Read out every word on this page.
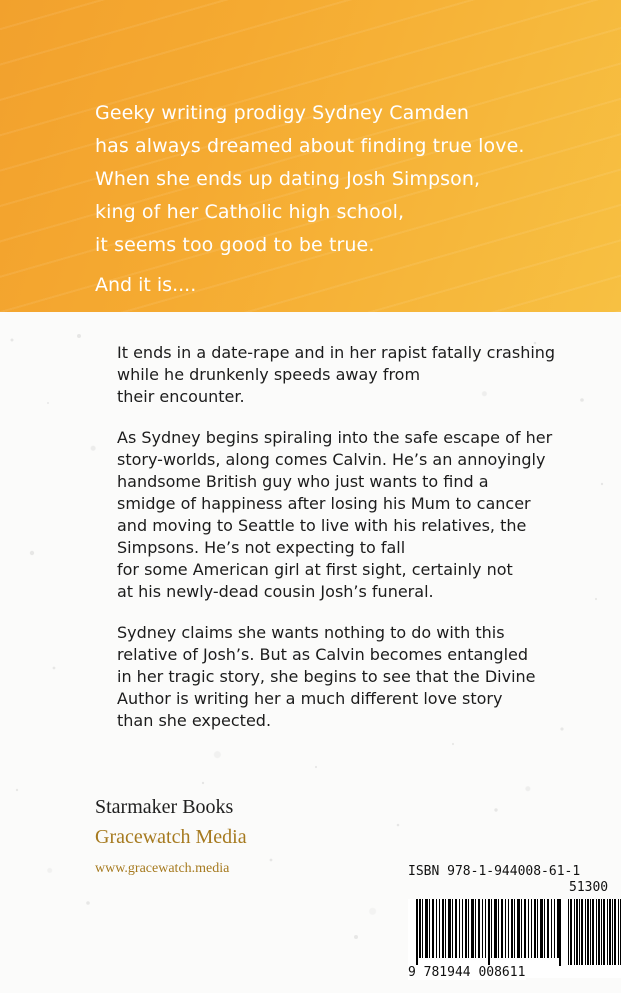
Geeky writing prodigy Sydney Camden
has always dreamed about finding true love.
When she ends up dating Josh Simpson,
king of her Catholic high school,
it seems too good to be true.
And it is....
It ends in a date-rape and in her rapist fatally crashing
while he drunkenly speeds away from
their encounter.
As Sydney begins spiraling into the safe escape of her
story-worlds, along comes Calvin. He’s an annoyingly
handsome British guy who just wants to find a
smidge of happiness after losing his Mum to cancer
and moving to Seattle to live with his relatives, the
Simpsons. He’s not expecting to fall
for some American girl at first sight, certainly not
at his newly-dead cousin Josh’s funeral.
Sydney claims she wants nothing to do with this
relative of Josh’s. But as Calvin becomes entangled
in her tragic story, she begins to see that the Divine
Author is writing her a much different love story
than she expected.
Starmaker Books
Gracewatch Media
www.gracewatch.media	ISBN 978-1-944008-61-1
51300
9 781944 008611
